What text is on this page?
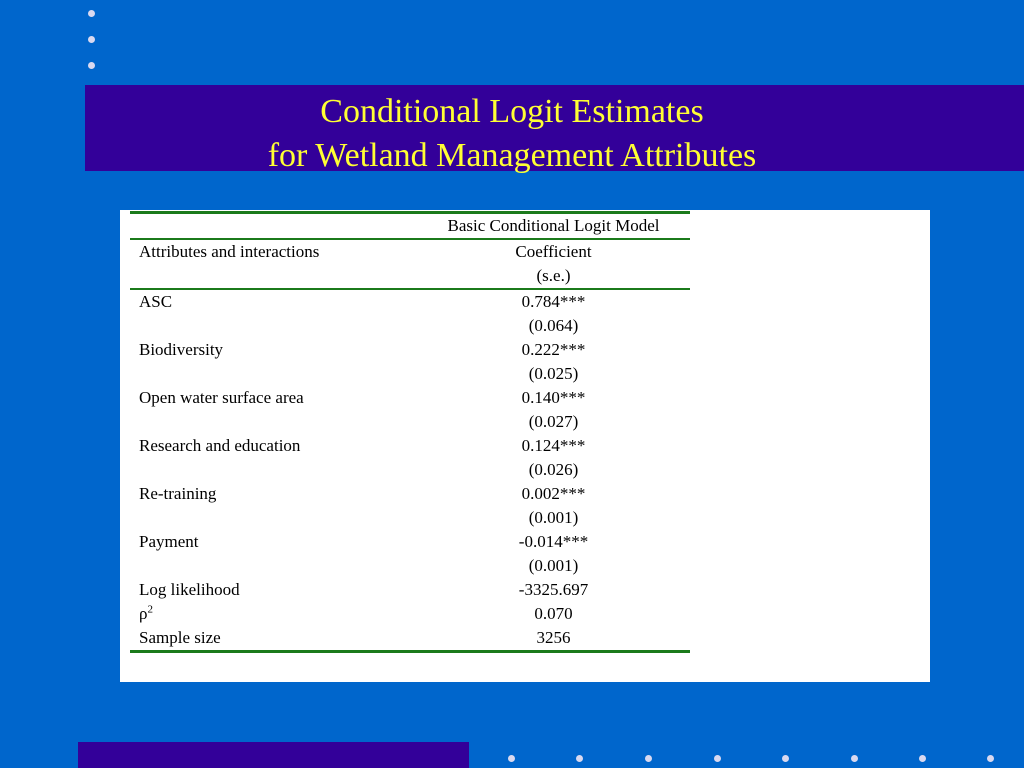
Conditional Logit Estimates
for Wetland Management Attributes
	Basic Conditional Logit Model
Attributes and interactions	Coefficient
(s.e.)

ASC	0.784***
(0.064)

Biodiversity	0.222***
(0.025)

Open water surface area	0.140***
(0.027)

Research and education	0.124***
(0.026)

Re-training	0.002***
(0.001)

Payment	-0.014***
(0.001)

Log likelihood	-3325.697
$\rho^2$	0.070
Sample size	3256
